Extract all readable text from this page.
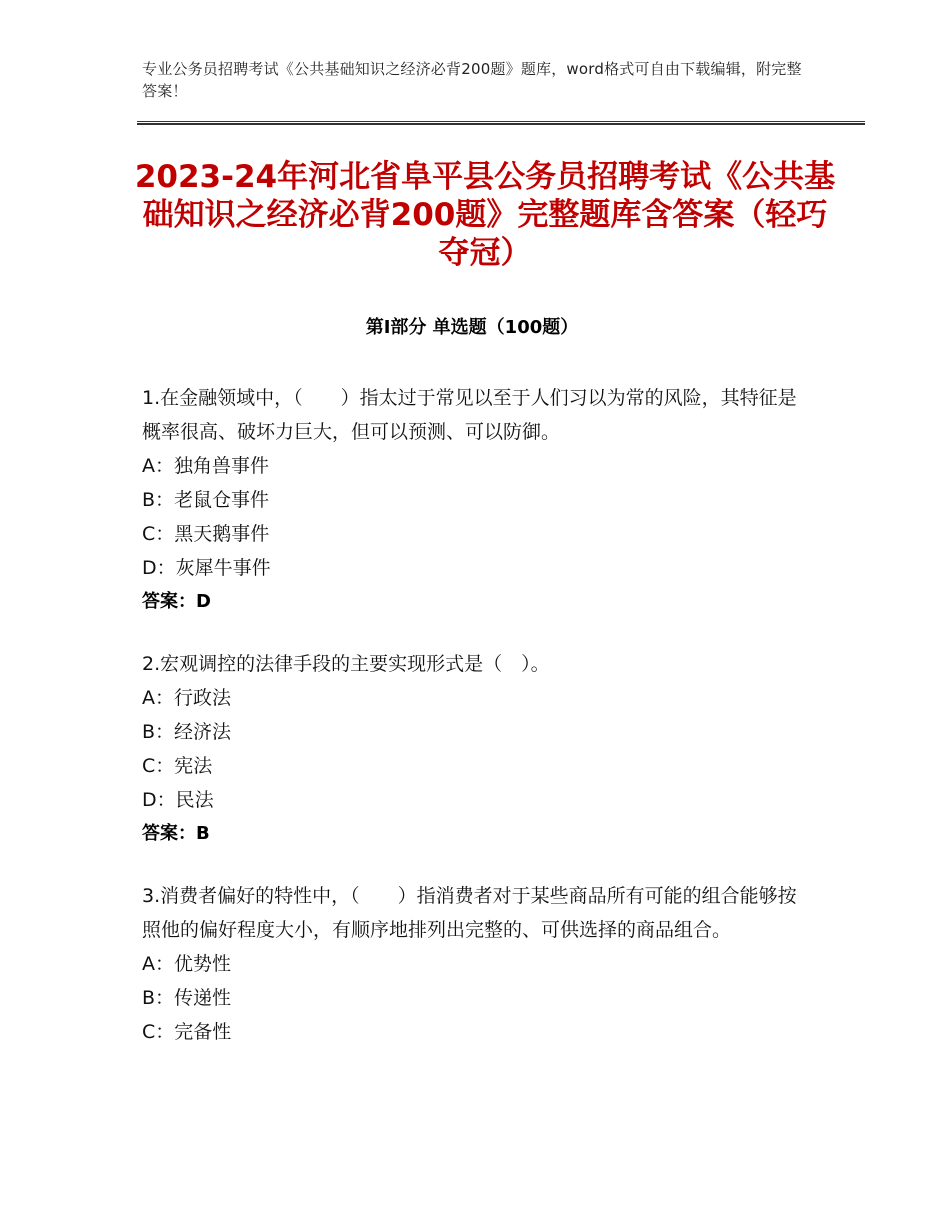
专业公务员招聘考试《公共基础知识之经济必背200题》题库，word格式可自由下载编辑，附完整答案！
2023-24年河北省阜平县公务员招聘考试《公共基础知识之经济必背200题》完整题库含答案（轻巧夺冠）
第Ⅰ部分 单选题（100题）
1.在金融领域中，（　　）指太过于常见以至于人们习以为常的风险，其特征是概率很高、破坏力巨大，但可以预测、可以防御。
A：独角兽事件
B：老鼠仓事件
C：黑天鹅事件
D：灰犀牛事件
答案：D
2.宏观调控的法律手段的主要实现形式是（　）。
A：行政法
B：经济法
C：宪法
D：民法
答案：B
3.消费者偏好的特性中，（　　）指消费者对于某些商品所有可能的组合能够按照他的偏好程度大小，有顺序地排列出完整的、可供选择的商品组合。
A：优势性
B：传递性
C：完备性
